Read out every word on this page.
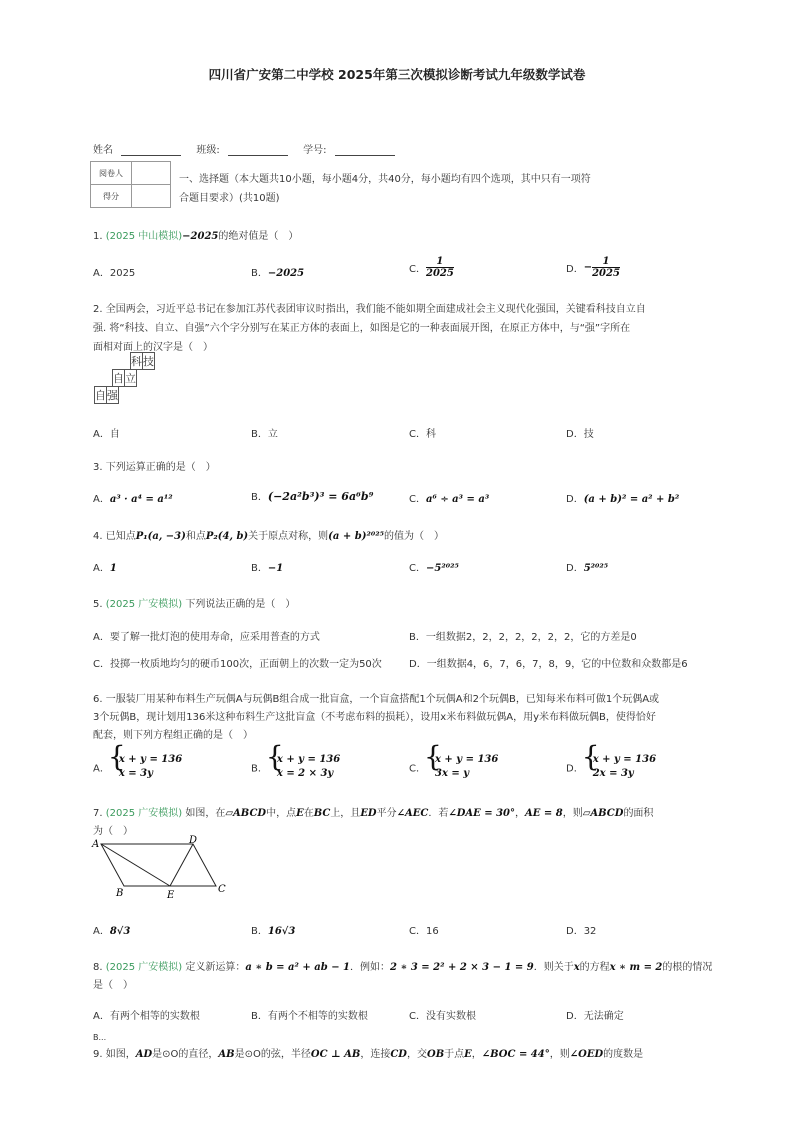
四川省广安第二中学校 2025年第三次模拟诊断考试九年级数学试卷
姓名	班级:	学号:
阅卷人	
得分	
一、选择题（本大题共10小题，每小题4分，共40分，每小题均有四个选项，其中只有一项符
合题目要求）(共10题)
1. (2025 中山模拟)−2025的绝对值是（　）
A．2025	B．−2025	C． $\frac{1}{2025}$	D．− $\frac{1}{2025}$
2. 全国两会，习近平总书记在参加江苏代表团审议时指出，我们能不能如期全面建成社会主义现代化强国，关键看科技自立自
强. 将“科技、自立、自强”六个字分别写在某正方体的表面上，如图是它的一种表面展开图，在原正方体中，与“强”字所在
面相对面上的汉字是（　）
科	技
自	立
自	强
A．自	B．立	C．科	D．技
3. 下列运算正确的是（　）
A．a³ · a⁴ = a¹²	B．(−2a²b³)³ = 6a⁶b⁹	C．a⁶ ÷ a³ = a³	D．(a + b)² = a² + b²
4. 已知点P₁(a, −3)和点P₂(4, b)关于原点对称，则(a + b)²⁰²⁵的值为（　）
A．1	B．−1	C．−5²⁰²⁵	D．5²⁰²⁵
5. (2025 广安模拟) 下列说法正确的是（　）
A．要了解一批灯泡的使用寿命，应采用普查的方式	B．一组数据2，2，2，2，2，2，2，它的方差是0
C．投掷一枚质地均匀的硬币100次，正面朝上的次数一定为50次	D．一组数据4，6，7，6，7，8，9，它的中位数和众数都是6
6. 一服装厂用某种布料生产玩偶A与玩偶B组合成一批盲盒，一个盲盒搭配1个玩偶A和2个玩偶B，已知每米布料可做1个玩偶A或
3个玩偶B，现计划用136米这种布料生产这批盲盒（不考虑布料的损耗），设用x米布料做玩偶A，用y米布料做玩偶B，使得恰好
配套，则下列方程组正确的是（　）
A．
{ x + y = 136
x = 3y	B．
{ x + y = 136
x = 2 × 3y	C．
{ x + y = 136
3x = y	D．
{ x + y = 136
2x = 3y
7. (2025 广安模拟) 如图，在▱ABCD中，点E在BC上，且ED平分∠AEC．若∠DAE = 30°，AE = 8，则▱ABCD的面积
为（　）
A	D
B	E
C
A．8√3	B．16√3	C．16	D．32
8. (2025 广安模拟) 定义新运算：a ∗ b = a² + ab − 1．例如：2 ∗ 3 = 2² + 2 × 3 − 1 = 9．则关于x的方程x ∗ m = 2的根的情况
是（　）
A．有两个相等的实数根	B．有两个不相等的实数根	C．没有实数根	D．无法确定
B...
9. 如图，AD是⊙O的直径，AB是⊙O的弦，半径OC ⊥ AB，连接CD，交OB于点E，∠BOC = 44°，则∠OED的度数是
